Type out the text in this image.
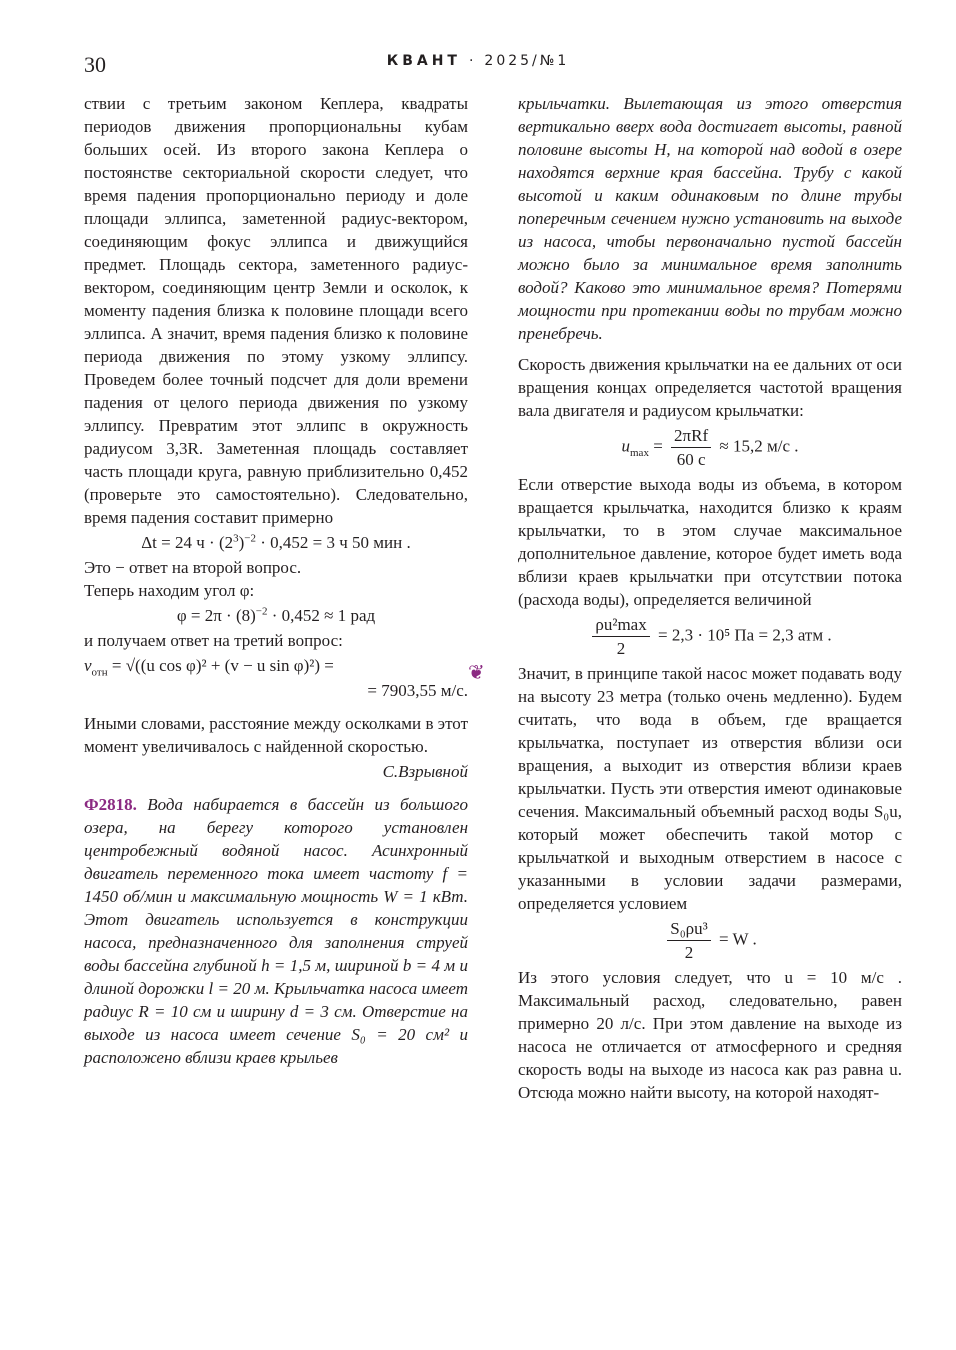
30	КВАНТ · 2025/№1

ствии с третьим законом Кеплера, квадраты периодов движения пропорциональны кубам больших осей. Из второго закона Кеплера о постоянстве секториальной скорости следует, что время падения пропорционально периоду и доле площади эллипса, заметенной радиус-вектором, соединяющим фокус эллипса и движущийся предмет. Площадь сектора, заметенного радиус-вектором, соединяющим центр Земли и осколок, к моменту падения близка к половине площади всего эллипса. А значит, время падения близко к половине периода движения по этому узкому эллипсу. Проведем более точный подсчет для доли времени падения от целого периода движения по узкому эллипсу. Превратим этот эллипс в окружность радиусом 3,3R. Заметенная площадь составляет часть площади круга, равную приблизительно 0,452 (проверьте это самостоятельно). Следовательно, время падения составит примерно

Δt = 24 $ч \cdot (2^3)^{-2} \cdot 0,452 = 3$ ч 50 мин .

Это − ответ на второй вопрос.

Теперь находим угол φ:

$\varphi = 2\pi \cdot (8)^{-2} \cdot 0,452 \approx 1$ рад

и получаем ответ на третий вопрос:

$v_{отн} = √((u$ cos φ)² + (v − u sin φ)²) =
= 7903,55 м/с.

Иными словами, расстояние между осколками в этот момент увеличивалось с найденной скоростью.

С.Взрывной

Ф2818. Вода набирается в бассейн из большого озера, на берегу которого установлен центробежный водяной насос. Асинхронный двигатель переменного тока имеет частоту f = 1450 об/мин и максимальную мощность W = 1 кВт. Этот двигатель используется в конструкции насоса, предназначенного для заполнения струей воды бассейна глубиной h = 1,5 м, шириной b = 4 м и длиной дорожки l = 20 м. Крыльчатка насоса имеет радиус R = 10 см и ширину d = 3 см. Отверстие на выходе из насоса имеет сечение S₀ = 20 см² и расположено вблизи краев крыльев

❦

крыльчатки. Вылетающая из этого отверстия вертикально вверх вода достигает высоты, равной половине высоты H, на которой над водой в озере находятся верхние края бассейна. Трубу с какой высотой и каким одинаковым по длине трубы поперечным сечением нужно установить на выходе из насоса, чтобы первоначально пустой бассейн можно было за минимальное время заполнить водой? Каково это минимальное время? Потерями мощности при протекании воды по трубам можно пренебречь.

Скорость движения крыльчатки на ее дальних от оси вращения концах определяется частотой вращения вала двигателя и радиусом крыльчатки:

$u_{max} = \frac{\text{2πRf}}{60 с} \approx 15,2$ м/с .

Если отверстие выхода воды из объема, в котором вращается крыльчатка, находится близко к краям крыльчатки, то в этом случае максимальное дополнительное давление, которое будет иметь вода вблизи краев крыльчатки при отсутствии потока (расхода воды), определяется величиной

$\frac{\text{ρu²max}}{2} = 2,3 \cdot 10^5$ Па = 2,3 атм .

Значит, в принципе такой насос может подавать воду на высоту 23 метра (только очень медленно). Будем считать, что вода в объем, где вращается крыльчатка, поступает из отверстия вблизи оси вращения, а выходит из отверстия вблизи краев крыльчатки. Пусть эти отверстия имеют одинаковые сечения. Максимальный объемный расход воды S₀u, который может обеспечить такой мотор с крыльчаткой и выходным отверстием в насосе с указанными в условии задачи размерами, определяется условием

$\frac{\text{S₀ρu³}}{2} = W$ .

Из этого условия следует, что u = 10 м/с . Максимальный расход, следовательно, равен примерно 20 л/с. При этом давление на выходе из насоса не отличается от атмосферного и средняя скорость воды на выходе из насоса как раз равна u. Отсюда можно найти высоту, на которой находят-
